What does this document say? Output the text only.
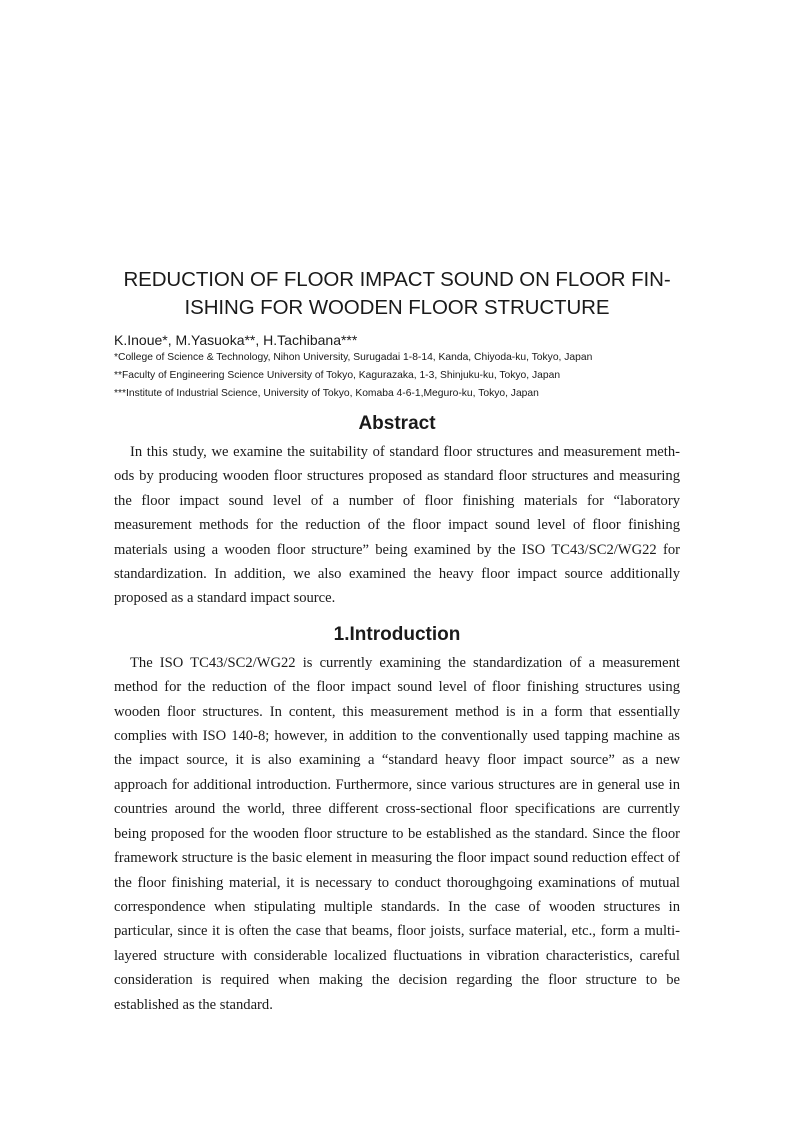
REDUCTION OF FLOOR IMPACT SOUND ON FLOOR FIN-
ISHING FOR WOODEN FLOOR STRUCTURE
K.Inoue*, M.Yasuoka**, H.Tachibana***
*College of Science & Technology, Nihon University, Surugadai 1-8-14, Kanda, Chiyoda-ku, Tokyo, Japan
**Faculty of Engineering Science University of Tokyo, Kagurazaka, 1-3, Shinjuku-ku, Tokyo, Japan
***Institute of Industrial Science, University of Tokyo, Komaba 4-6-1,Meguro-ku, Tokyo, Japan
Abstract

In this study, we examine the suitability of standard floor structures and measurement methods by producing wooden floor structures proposed as standard floor structures and measuring the floor impact sound level of a number of floor finishing materials for “laboratory measurement methods for the reduction of the floor impact sound level of floor finishing materials using a wooden floor structure” being examined by the ISO TC43/SC2/WG22 for standardization. In addition, we also examined the heavy floor impact source additionally proposed as a standard impact source.

1.Introduction

The ISO TC43/SC2/WG22 is currently examining the standardization of a measurement method for the reduction of the floor impact sound level of floor finishing structures using wooden floor structures. In content, this measurement method is in a form that essentially complies with ISO 140-8; however, in addition to the conventionally used tapping machine as the impact source, it is also examining a “standard heavy floor impact source” as a new approach for additional introduction. Furthermore, since various structures are in general use in countries around the world, three different cross-sectional floor specifications are currently being proposed for the wooden floor structure to be established as the standard. Since the floor framework structure is the basic element in measuring the floor impact sound reduction effect of the floor finishing material, it is necessary to conduct thoroughgoing examinations of mutual correspondence when stipulating multiple standards. In the case of wooden structures in particular, since it is often the case that beams, floor joists, surface material, etc., form a multi-layered structure with considerable localized fluctuations in vibration characteristics, careful consideration is required when making the decision regarding the floor structure to be established as the standard.
